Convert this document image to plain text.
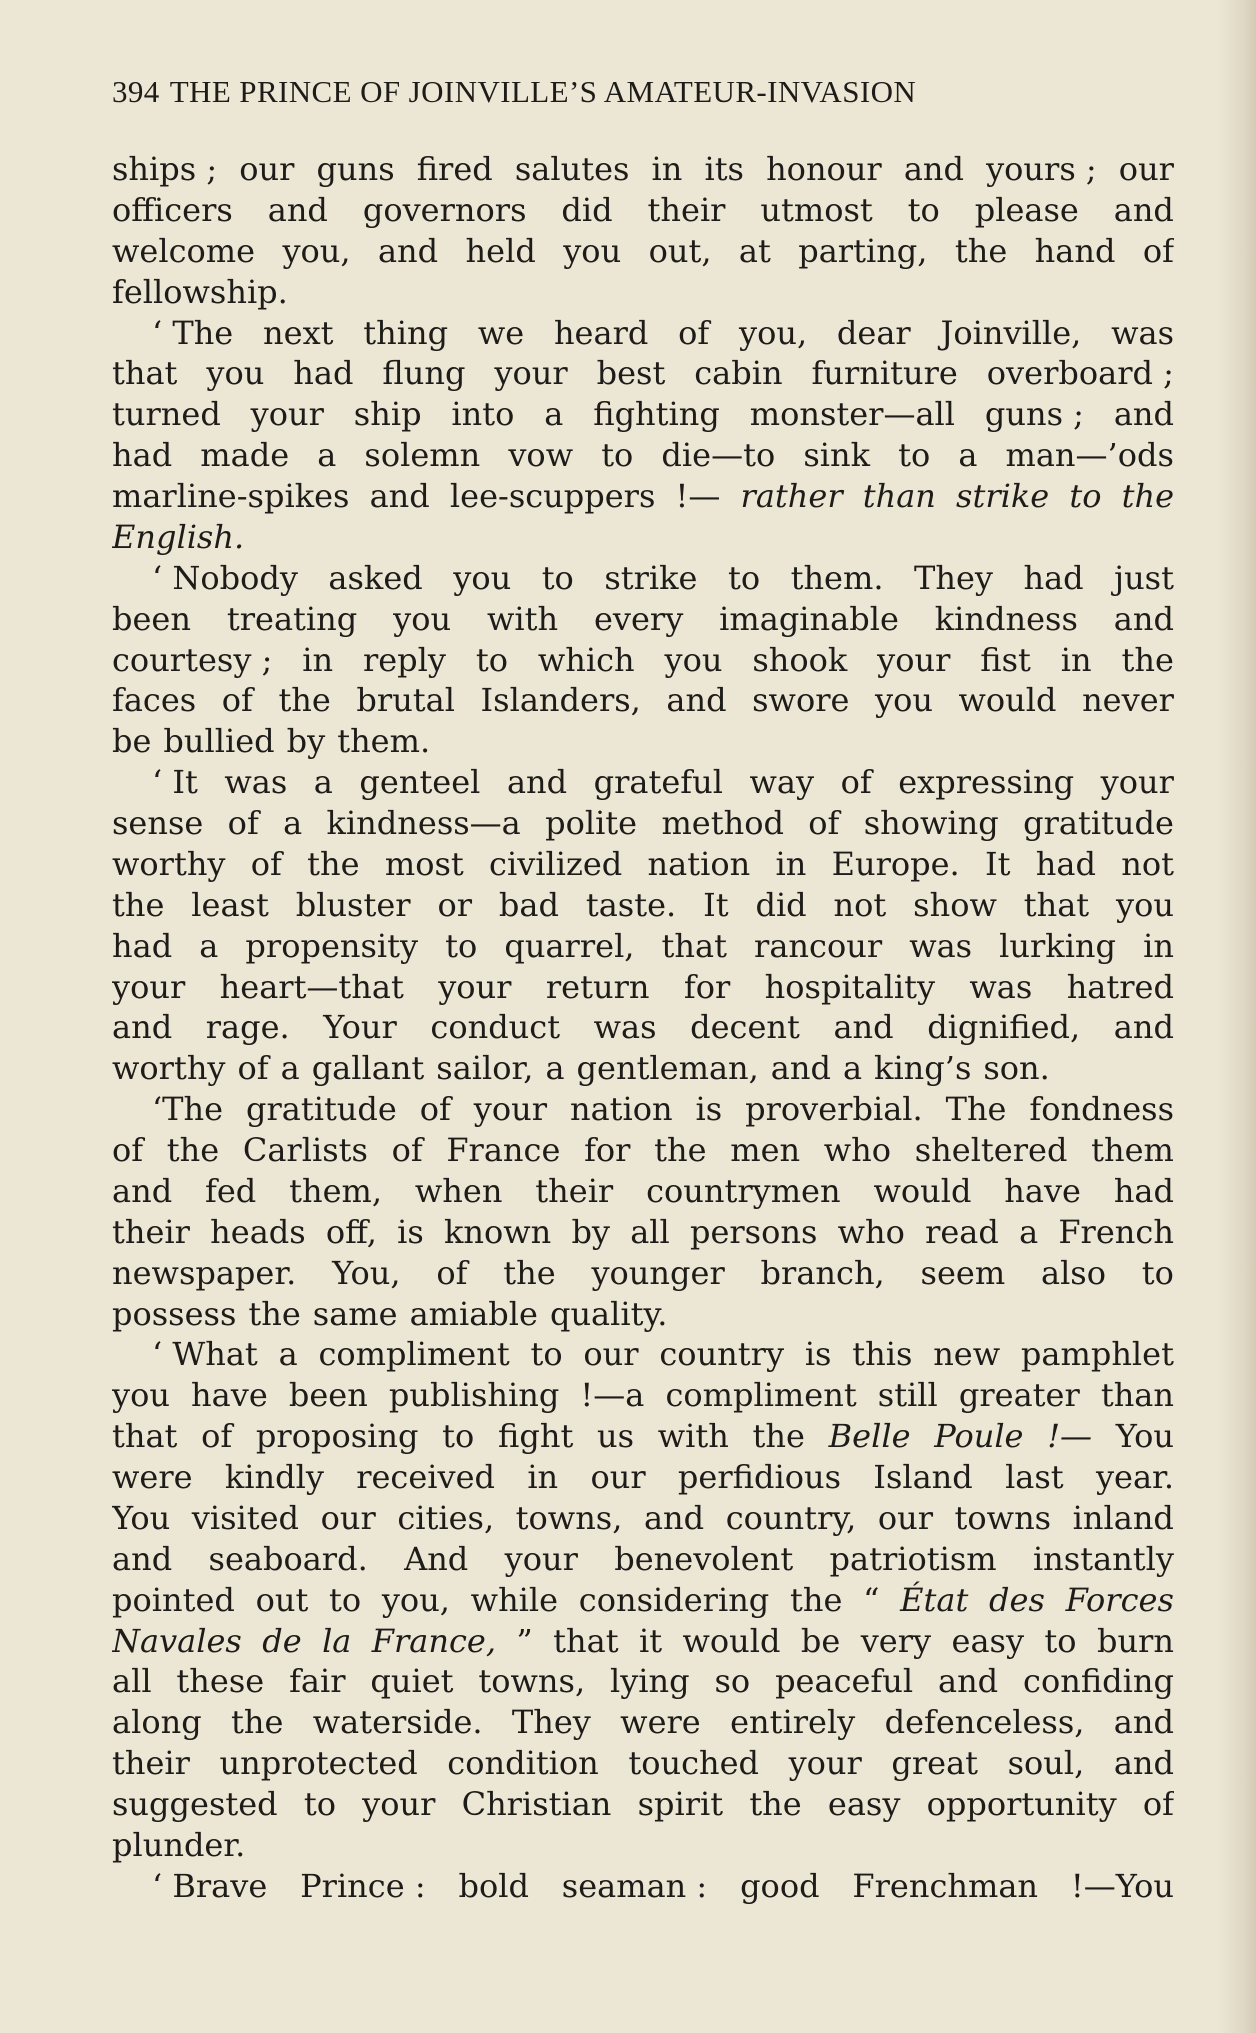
394 THE PRINCE OF JOINVILLE’S AMATEUR-INVASION
ships ; our guns fired salutes in its honour and yours ; our
officers and governors did their utmost to please and
welcome you, and held you out, at parting, the hand of
fellowship.
‘ The next thing we heard of you, dear Joinville, was
that you had flung your best cabin furniture overboard ;
turned your ship into a fighting monster—all guns ; and
had made a solemn vow to die—to sink to a man—’ods
marline-spikes and lee-scuppers !— rather than strike to the
English.
‘ Nobody asked you to strike to them. They had just
been treating you with every imaginable kindness and
courtesy ; in reply to which you shook your fist in the
faces of the brutal Islanders, and swore you would never
be bullied by them.
‘ It was a genteel and grateful way of expressing your
sense of a kindness—a polite method of showing gratitude
worthy of the most civilized nation in Europe. It had not
the least bluster or bad taste. It did not show that you
had a propensity to quarrel, that rancour was lurking in
your heart—that your return for hospitality was hatred
and rage. Your conduct was decent and dignified, and
worthy of a gallant sailor, a gentleman, and a king’s son.
‘The gratitude of your nation is proverbial. The fondness
of the Carlists of France for the men who sheltered them
and fed them, when their countrymen would have had
their heads off, is known by all persons who read a French
newspaper. You, of the younger branch, seem also to
possess the same amiable quality.
‘ What a compliment to our country is this new pamphlet
you have been publishing !—a compliment still greater than
that of proposing to fight us with the Belle Poule !— You
were kindly received in our perfidious Island last year.
You visited our cities, towns, and country, our towns inland
and seaboard. And your benevolent patriotism instantly
pointed out to you, while considering the “ État des Forces
Navales de la France, ” that it would be very easy to burn
all these fair quiet towns, lying so peaceful and confiding
along the waterside. They were entirely defenceless, and
their unprotected condition touched your great soul, and
suggested to your Christian spirit the easy opportunity of
plunder.
‘ Brave Prince : bold seaman : good Frenchman !—You
